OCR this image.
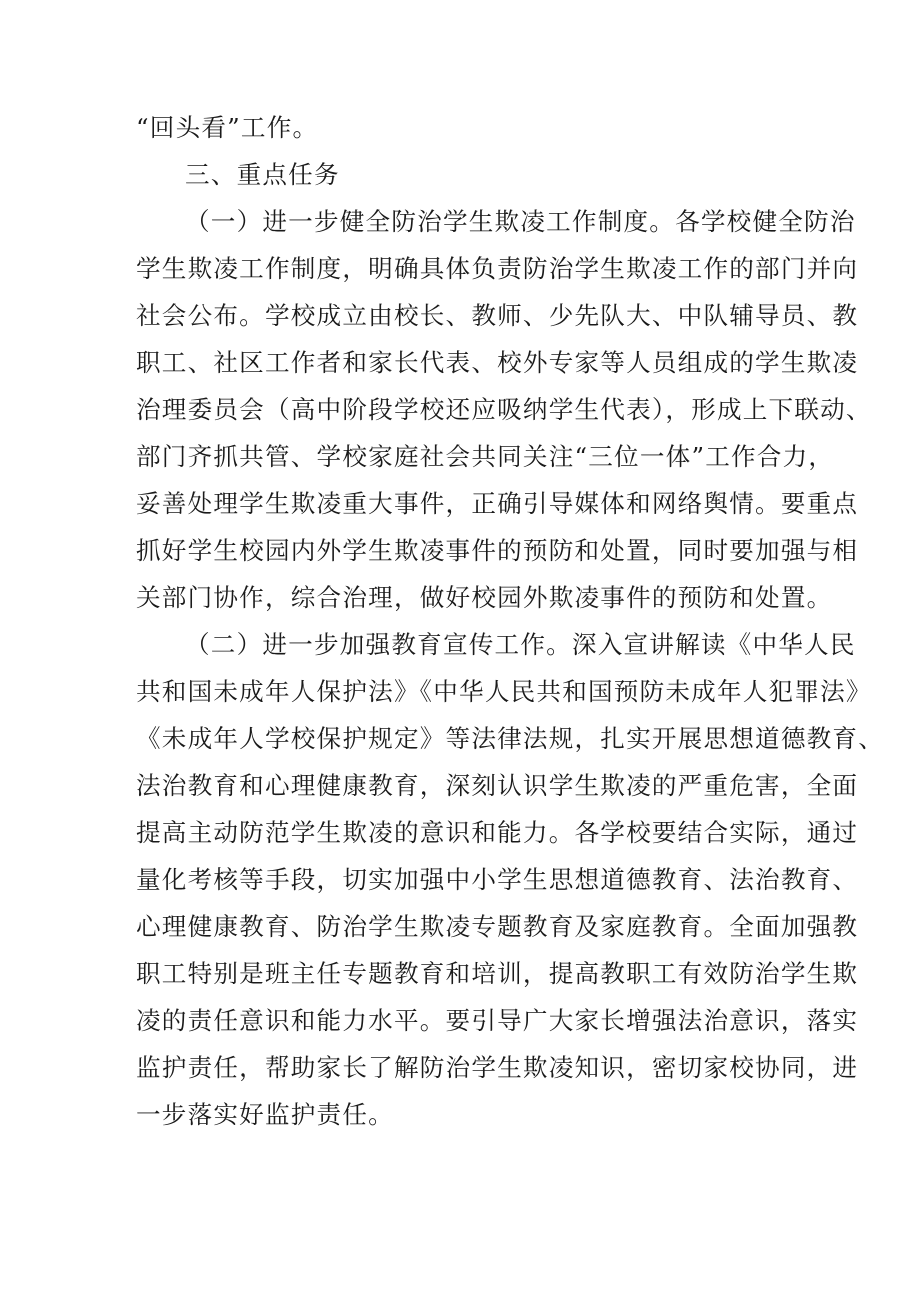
“回头看”工作。

三、重点任务

（一）进一步健全防治学生欺凌工作制度。各学校健全防治

学生欺凌工作制度，明确具体负责防治学生欺凌工作的部门并向

社会公布。学校成立由校长、教师、少先队大、中队辅导员、教

职工、社区工作者和家长代表、校外专家等人员组成的学生欺凌

治理委员会（高中阶段学校还应吸纳学生代表），形成上下联动、

部门齐抓共管、学校家庭社会共同关注“三位一体”工作合力，

妥善处理学生欺凌重大事件，正确引导媒体和网络舆情。要重点

抓好学生校园内外学生欺凌事件的预防和处置，同时要加强与相

关部门协作，综合治理，做好校园外欺凌事件的预防和处置。

（二）进一步加强教育宣传工作。深入宣讲解读《中华人民

共和国未成年人保护法》《中华人民共和国预防未成年人犯罪法》

《未成年人学校保护规定》等法律法规，扎实开展思想道德教育、

法治教育和心理健康教育，深刻认识学生欺凌的严重危害，全面

提高主动防范学生欺凌的意识和能力。各学校要结合实际，通过

量化考核等手段，切实加强中小学生思想道德教育、法治教育、

心理健康教育、防治学生欺凌专题教育及家庭教育。全面加强教

职工特别是班主任专题教育和培训，提高教职工有效防治学生欺

凌的责任意识和能力水平。要引导广大家长增强法治意识，落实

监护责任，帮助家长了解防治学生欺凌知识，密切家校协同，进

一步落实好监护责任。
